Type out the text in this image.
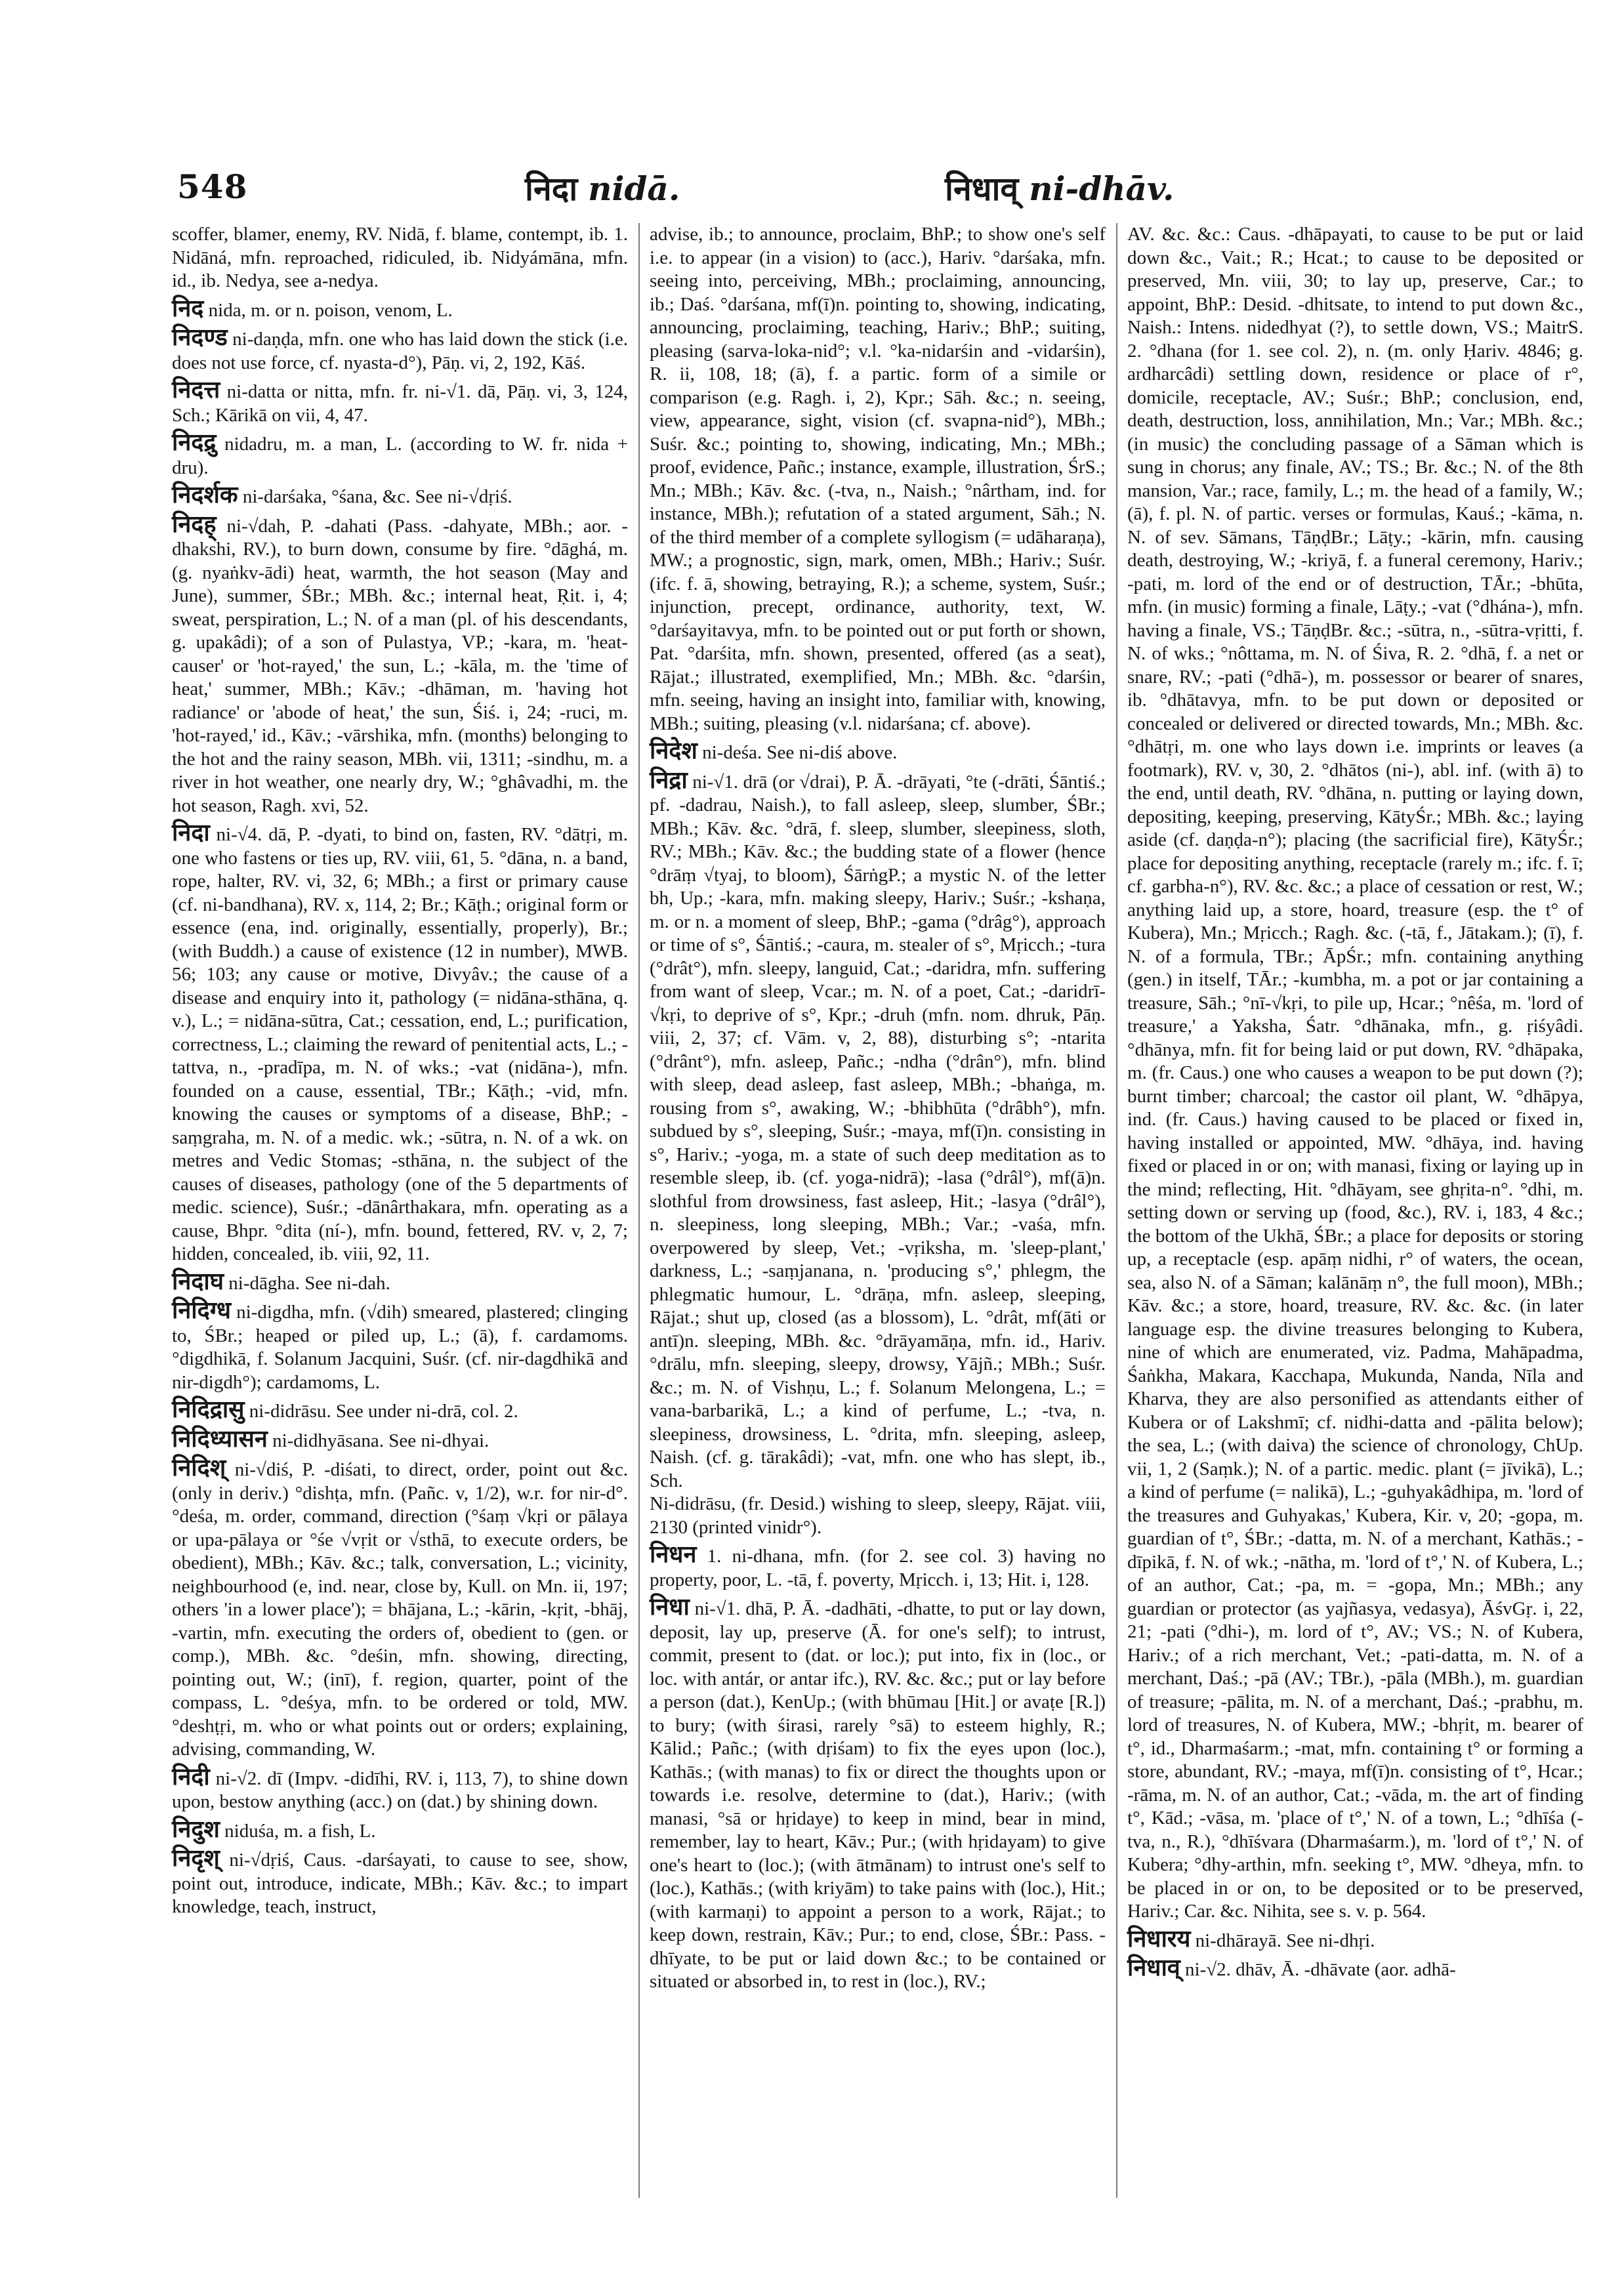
548	निदा nidā.	निधाव् ni-dhāv.

scoffer, blamer, enemy, RV. Nidā, f. blame, contempt, ib. 1. Nidāná, mfn. reproached, ridiculed, ib. Nidyámāna, mfn. id., ib. Nedya, see a-nedya.

निद nida, m. or n. poison, venom, L.

निदण्ड ni-daṇḍa, mfn. one who has laid down the stick (i.e. does not use force, cf. nyasta-d°), Pāṇ. vi, 2, 192, Kāś.

निदत्त ni-datta or nitta, mfn. fr. ni-√1. dā, Pāṇ. vi, 3, 124, Sch.; Kārikā on vii, 4, 47.

निदद्रु nidadru, m. a man, L. (according to W. fr. nida + dru).

निदर्शक ni-darśaka, °śana, &c. See ni-√dṛiś.

निदह् ni-√dah, P. -dahati (Pass. -dahyate, MBh.; aor. -dhakshi, RV.), to burn down, consume by fire. °dāghá, m. (g. nyaṅkv-ādi) heat, warmth, the hot season (May and June), summer, ŚBr.; MBh. &c.; internal heat, Ṛit. i, 4; sweat, perspiration, L.; N. of a man (pl. of his descendants, g. upakâdi); of a son of Pulastya, VP.; -kara, m. 'heat-causer' or 'hot-rayed,' the sun, L.; -kāla, m. the 'time of heat,' summer, MBh.; Kāv.; -dhāman, m. 'having hot radiance' or 'abode of heat,' the sun, Śiś. i, 24; -ruci, m. 'hot-rayed,' id., Kāv.; -vārshika, mfn. (months) belonging to the hot and the rainy season, MBh. vii, 1311; -sindhu, m. a river in hot weather, one nearly dry, W.; °ghâvadhi, m. the hot season, Ragh. xvi, 52.

निदा ni-√4. dā, P. -dyati, to bind on, fasten, RV. °dātṛi, m. one who fastens or ties up, RV. viii, 61, 5. °dāna, n. a band, rope, halter, RV. vi, 32, 6; MBh.; a first or primary cause (cf. ni-bandhana), RV. x, 114, 2; Br.; Kāṭh.; original form or essence (ena, ind. originally, essentially, properly), Br.; (with Buddh.) a cause of existence (12 in number), MWB. 56; 103; any cause or motive, Divyâv.; the cause of a disease and enquiry into it, pathology (= nidāna-sthāna, q. v.), L.; = nidāna-sūtra, Cat.; cessation, end, L.; purification, correctness, L.; claiming the reward of penitential acts, L.; -tattva, n., -pradīpa, m. N. of wks.; -vat (nidāna-), mfn. founded on a cause, essential, TBr.; Kāṭh.; -vid, mfn. knowing the causes or symptoms of a disease, BhP.; -saṃgraha, m. N. of a medic. wk.; -sūtra, n. N. of a wk. on metres and Vedic Stomas; -sthāna, n. the subject of the causes of diseases, pathology (one of the 5 departments of medic. science), Suśr.; -dānârthakara, mfn. operating as a cause, Bhpr. °dita (ní-), mfn. bound, fettered, RV. v, 2, 7; hidden, concealed, ib. viii, 92, 11.

निदाघ ni-dāgha. See ni-dah.

निदिग्ध ni-digdha, mfn. (√dih) smeared, plastered; clinging to, ŚBr.; heaped or piled up, L.; (ā), f. cardamoms. °digdhikā, f. Solanum Jacquini, Suśr. (cf. nir-dagdhikā and nir-digdh°); cardamoms, L.

निदिद्रासु ni-didrāsu. See under ni-drā, col. 2.

निदिध्यासन ni-didhyāsana. See ni-dhyai.

निदिश् ni-√diś, P. -diśati, to direct, order, point out &c. (only in deriv.) °dishṭa, mfn. (Pañc. v, 1/2), w.r. for nir-d°. °deśa, m. order, command, direction (°śaṃ √kṛi or pālaya or upa-pālaya or °śe √vṛit or √sthā, to execute orders, be obedient), MBh.; Kāv. &c.; talk, conversation, L.; vicinity, neighbourhood (e, ind. near, close by, Kull. on Mn. ii, 197; others 'in a lower place'); = bhājana, L.; -kārin, -kṛit, -bhāj, -vartin, mfn. executing the orders of, obedient to (gen. or comp.), MBh. &c. °deśin, mfn. showing, directing, pointing out, W.; (inī), f. region, quarter, point of the compass, L. °deśya, mfn. to be ordered or told, MW. °deshṭṛi, m. who or what points out or orders; explaining, advising, commanding, W.

निदी ni-√2. dī (Impv. -didīhi, RV. i, 113, 7), to shine down upon, bestow anything (acc.) on (dat.) by shining down.

निदुश niduśa, m. a fish, L.

निदृश् ni-√dṛiś, Caus. -darśayati, to cause to see, show, point out, introduce, indicate, MBh.; Kāv. &c.; to impart knowledge, teach, instruct,

advise, ib.; to announce, proclaim, BhP.; to show one's self i.e. to appear (in a vision) to (acc.), Hariv. °darśaka, mfn. seeing into, perceiving, MBh.; proclaiming, announcing, ib.; Daś. °darśana, mf(ī)n. pointing to, showing, indicating, announcing, proclaiming, teaching, Hariv.; BhP.; suiting, pleasing (sarva-loka-nid°; v.l. °ka-nidarśin and -vidarśin), R. ii, 108, 18; (ā), f. a partic. form of a simile or comparison (e.g. Ragh. i, 2), Kpr.; Sāh. &c.; n. seeing, view, appearance, sight, vision (cf. svapna-nid°), MBh.; Suśr. &c.; pointing to, showing, indicating, Mn.; MBh.; proof, evidence, Pañc.; instance, example, illustration, ŚrS.; Mn.; MBh.; Kāv. &c. (-tva, n., Naish.; °nârtham, ind. for instance, MBh.); refutation of a stated argument, Sāh.; N. of the third member of a complete syllogism (= udāharaṇa), MW.; a prognostic, sign, mark, omen, MBh.; Hariv.; Suśr. (ifc. f. ā, showing, betraying, R.); a scheme, system, Suśr.; injunction, precept, ordinance, authority, text, W. °darśayitavya, mfn. to be pointed out or put forth or shown, Pat. °darśita, mfn. shown, presented, offered (as a seat), Rājat.; illustrated, exemplified, Mn.; MBh. &c. °darśin, mfn. seeing, having an insight into, familiar with, knowing, MBh.; suiting, pleasing (v.l. nidarśana; cf. above).

निदेश ni-deśa. See ni-diś above.

निद्रा ni-√1. drā (or √drai), P. Ā. -drāyati, °te (-drāti, Śāntiś.; pf. -dadrau, Naish.), to fall asleep, sleep, slumber, ŚBr.; MBh.; Kāv. &c. °drā, f. sleep, slumber, sleepiness, sloth, RV.; MBh.; Kāv. &c.; the budding state of a flower (hence °drāṃ √tyaj, to bloom), ŚārṅgP.; a mystic N. of the letter bh, Up.; -kara, mfn. making sleepy, Hariv.; Suśr.; -kshaṇa, m. or n. a moment of sleep, BhP.; -gama (°drâg°), approach or time of s°, Śāntiś.; -caura, m. stealer of s°, Mṛicch.; -tura (°drât°), mfn. sleepy, languid, Cat.; -daridra, mfn. suffering from want of sleep, Vcar.; m. N. of a poet, Cat.; -daridrī-√kṛi, to deprive of s°, Kpr.; -druh (mfn. nom. dhruk, Pāṇ. viii, 2, 37; cf. Vām. v, 2, 88), disturbing s°; -ntarita (°drânt°), mfn. asleep, Pañc.; -ndha (°drân°), mfn. blind with sleep, dead asleep, fast asleep, MBh.; -bhaṅga, m. rousing from s°, awaking, W.; -bhibhūta (°drâbh°), mfn. subdued by s°, sleeping, Suśr.; -maya, mf(ī)n. consisting in s°, Hariv.; -yoga, m. a state of such deep meditation as to resemble sleep, ib. (cf. yoga-nidrā); -lasa (°drâl°), mf(ā)n. slothful from drowsiness, fast asleep, Hit.; -lasya (°drâl°), n. sleepiness, long sleeping, MBh.; Var.; -vaśa, mfn. overpowered by sleep, Vet.; -vṛiksha, m. 'sleep-plant,' darkness, L.; -saṃjanana, n. 'producing s°,' phlegm, the phlegmatic humour, L. °drāṇa, mfn. asleep, sleeping, Rājat.; shut up, closed (as a blossom), L. °drât, mf(āti or antī)n. sleeping, MBh. &c. °drāyamāṇa, mfn. id., Hariv. °drālu, mfn. sleeping, sleepy, drowsy, Yājñ.; MBh.; Suśr. &c.; m. N. of Vishṇu, L.; f. Solanum Melongena, L.; = vana-barbarikā, L.; a kind of perfume, L.; -tva, n. sleepiness, drowsiness, L. °drita, mfn. sleeping, asleep, Naish. (cf. g. tārakâdi); -vat, mfn. one who has slept, ib., Sch.

Ni-didrāsu, (fr. Desid.) wishing to sleep, sleepy, Rājat. viii, 2130 (printed vinidr°).

निधन 1. ni-dhana, mfn. (for 2. see col. 3) having no property, poor, L. -tā, f. poverty, Mṛicch. i, 13; Hit. i, 128.

निधा ni-√1. dhā, P. Ā. -dadhāti, -dhatte, to put or lay down, deposit, lay up, preserve (Ā. for one's self); to intrust, commit, present to (dat. or loc.); put into, fix in (loc., or loc. with antár, or antar ifc.), RV. &c. &c.; put or lay before a person (dat.), KenUp.; (with bhūmau [Hit.] or avaṭe [R.]) to bury; (with śirasi, rarely °sā) to esteem highly, R.; Kālid.; Pañc.; (with dṛiśam) to fix the eyes upon (loc.), Kathās.; (with manas) to fix or direct the thoughts upon or towards i.e. resolve, determine to (dat.), Hariv.; (with manasi, °sā or hṛidaye) to keep in mind, bear in mind, remember, lay to heart, Kāv.; Pur.; (with hṛidayam) to give one's heart to (loc.); (with ātmānam) to intrust one's self to (loc.), Kathās.; (with kriyām) to take pains with (loc.), Hit.; (with karmaṇi) to appoint a person to a work, Rājat.; to keep down, restrain, Kāv.; Pur.; to end, close, ŚBr.: Pass. -dhīyate, to be put or laid down &c.; to be contained or situated or absorbed in, to rest in (loc.), RV.;

AV. &c. &c.: Caus. -dhāpayati, to cause to be put or laid down &c., Vait.; R.; Hcat.; to cause to be deposited or preserved, Mn. viii, 30; to lay up, preserve, Car.; to appoint, BhP.: Desid. -dhitsate, to intend to put down &c., Naish.: Intens. nidedhyat (?), to settle down, VS.; MaitrS. 2. °dhana (for 1. see col. 2), n. (m. only Ḥariv. 4846; g. ardharcâdi) settling down, residence or place of r°, domicile, receptacle, AV.; Suśr.; BhP.; conclusion, end, death, destruction, loss, annihilation, Mn.; Var.; MBh. &c.; (in music) the concluding passage of a Sāman which is sung in chorus; any finale, AV.; TS.; Br. &c.; N. of the 8th mansion, Var.; race, family, L.; m. the head of a family, W.; (ā), f. pl. N. of partic. verses or formulas, Kauś.; -kāma, n. N. of sev. Sāmans, TāṇḍBr.; Lāṭy.; -kārin, mfn. causing death, destroying, W.; -kriyā, f. a funeral ceremony, Hariv.; -pati, m. lord of the end or of destruction, TĀr.; -bhūta, mfn. (in music) forming a finale, Lāṭy.; -vat (°dhána-), mfn. having a finale, VS.; TāṇḍBr. &c.; -sūtra, n., -sūtra-vṛitti, f. N. of wks.; °nôttama, m. N. of Śiva, R. 2. °dhā, f. a net or snare, RV.; -pati (°dhā-), m. possessor or bearer of snares, ib. °dhātavya, mfn. to be put down or deposited or concealed or delivered or directed towards, Mn.; MBh. &c. °dhātṛi, m. one who lays down i.e. imprints or leaves (a footmark), RV. v, 30, 2. °dhātos (ni-), abl. inf. (with ā) to the end, until death, RV. °dhāna, n. putting or laying down, depositing, keeping, preserving, KātyŚr.; MBh. &c.; laying aside (cf. daṇḍa-n°); placing (the sacrificial fire), KātyŚr.; place for depositing anything, receptacle (rarely m.; ifc. f. ī; cf. garbha-n°), RV. &c. &c.; a place of cessation or rest, W.; anything laid up, a store, hoard, treasure (esp. the t° of Kubera), Mn.; Mṛicch.; Ragh. &c. (-tā, f., Jātakam.); (ī), f. N. of a formula, TBr.; ĀpŚr.; mfn. containing anything (gen.) in itself, TĀr.; -kumbha, m. a pot or jar containing a treasure, Sāh.; °nī-√kṛi, to pile up, Hcar.; °nêśa, m. 'lord of treasure,' a Yaksha, Śatr. °dhānaka, mfn., g. ṛiśyâdi. °dhānya, mfn. fit for being laid or put down, RV. °dhāpaka, m. (fr. Caus.) one who causes a weapon to be put down (?); burnt timber; charcoal; the castor oil plant, W. °dhāpya, ind. (fr. Caus.) having caused to be placed or fixed in, having installed or appointed, MW. °dhāya, ind. having fixed or placed in or on; with manasi, fixing or laying up in the mind; reflecting, Hit. °dhāyam, see ghṛita-n°. °dhi, m. setting down or serving up (food, &c.), RV. i, 183, 4 &c.; the bottom of the Ukhā, ŚBr.; a place for deposits or storing up, a receptacle (esp. apāṃ nidhi, r° of waters, the ocean, sea, also N. of a Sāman; kalānāṃ n°, the full moon), MBh.; Kāv. &c.; a store, hoard, treasure, RV. &c. &c. (in later language esp. the divine treasures belonging to Kubera, nine of which are enumerated, viz. Padma, Mahāpadma, Śaṅkha, Makara, Kacchapa, Mukunda, Nanda, Nīla and Kharva, they are also personified as attendants either of Kubera or of Lakshmī; cf. nidhi-datta and -pālita below); the sea, L.; (with daiva) the science of chronology, ChUp. vii, 1, 2 (Saṃk.); N. of a partic. medic. plant (= jīvikā), L.; a kind of perfume (= nalikā), L.; -guhyakâdhipa, m. 'lord of the treasures and Guhyakas,' Kubera, Kir. v, 20; -gopa, m. guardian of t°, ŚBr.; -datta, m. N. of a merchant, Kathās.; -dīpikā, f. N. of wk.; -nātha, m. 'lord of t°,' N. of Kubera, L.; of an author, Cat.; -pa, m. = -gopa, Mn.; MBh.; any guardian or protector (as yajñasya, vedasya), ĀśvGṛ. i, 22, 21; -pati (°dhi-), m. lord of t°, AV.; VS.; N. of Kubera, Hariv.; of a rich merchant, Vet.; -pati-datta, m. N. of a merchant, Daś.; -pā (AV.; TBr.), -pāla (MBh.), m. guardian of treasure; -pālita, m. N. of a merchant, Daś.; -prabhu, m. lord of treasures, N. of Kubera, MW.; -bhṛit, m. bearer of t°, id., Dharmaśarm.; -mat, mfn. containing t° or forming a store, abundant, RV.; -maya, mf(ī)n. consisting of t°, Hcar.; -rāma, m. N. of an author, Cat.; -vāda, m. the art of finding t°, Kād.; -vāsa, m. 'place of t°,' N. of a town, L.; °dhīśa (-tva, n., R.), °dhīśvara (Dharmaśarm.), m. 'lord of t°,' N. of Kubera; °dhy-arthin, mfn. seeking t°, MW. °dheya, mfn. to be placed in or on, to be deposited or to be preserved, Hariv.; Car. &c. Nihita, see s. v. p. 564.

निधारय ni-dhārayā. See ni-dhṛi.

निधाव् ni-√2. dhāv, Ā. -dhāvate (aor. adhā-
